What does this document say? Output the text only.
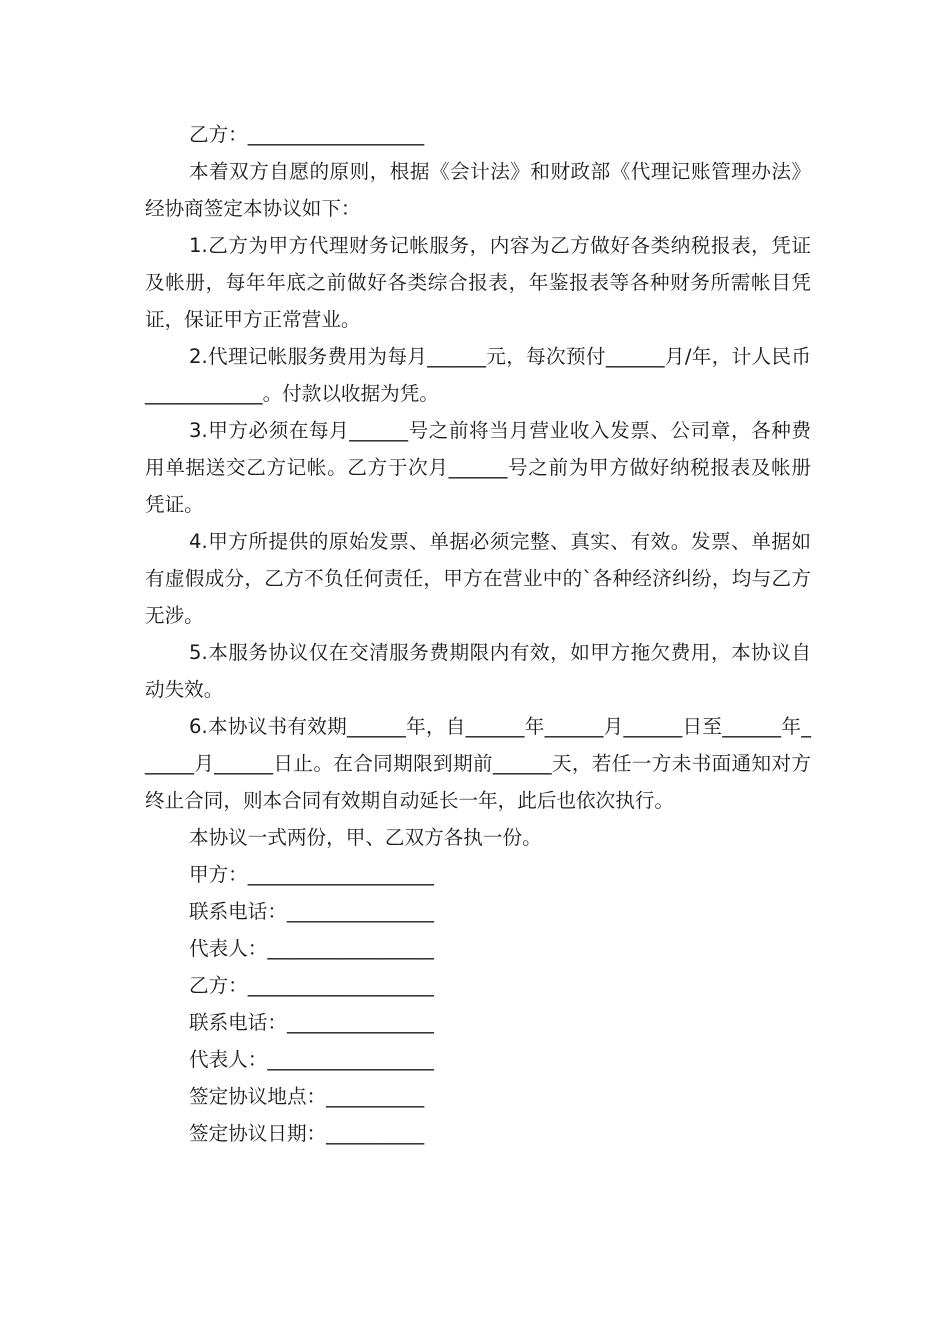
乙方：__________________

本着双方自愿的原则，根据《会计法》和财政部《代理记账管理办法》经协商签定本协议如下：

1.乙方为甲方代理财务记帐服务，内容为乙方做好各类纳税报表，凭证及帐册，每年年底之前做好各类综合报表，年鉴报表等各种财务所需帐目凭证，保证甲方正常营业。

2.代理记帐服务费用为每月______元，每次预付______月/年，计人民币____________。付款以收据为凭。

3.甲方必须在每月______号之前将当月营业收入发票、公司章，各种费用单据送交乙方记帐。乙方于次月______号之前为甲方做好纳税报表及帐册凭证。

4.甲方所提供的原始发票、单据必须完整、真实、有效。发票、单据如有虚假成分，乙方不负任何责任，甲方在营业中的`各种经济纠纷，均与乙方无涉。

5.本服务协议仅在交清服务费期限内有效，如甲方拖欠费用，本协议自动失效。

6.本协议书有效期______年，自______年______月______日至______年______月______日止。在合同期限到期前______天，若任一方未书面通知对方终止合同，则本合同有效期自动延长一年，此后也依次执行。

本协议一式两份，甲、乙双方各执一份。

甲方：___________________

联系电话：_______________

代表人：_________________

乙方：___________________

联系电话：_______________

代表人：_________________

签定协议地点：__________

签定协议日期：__________
